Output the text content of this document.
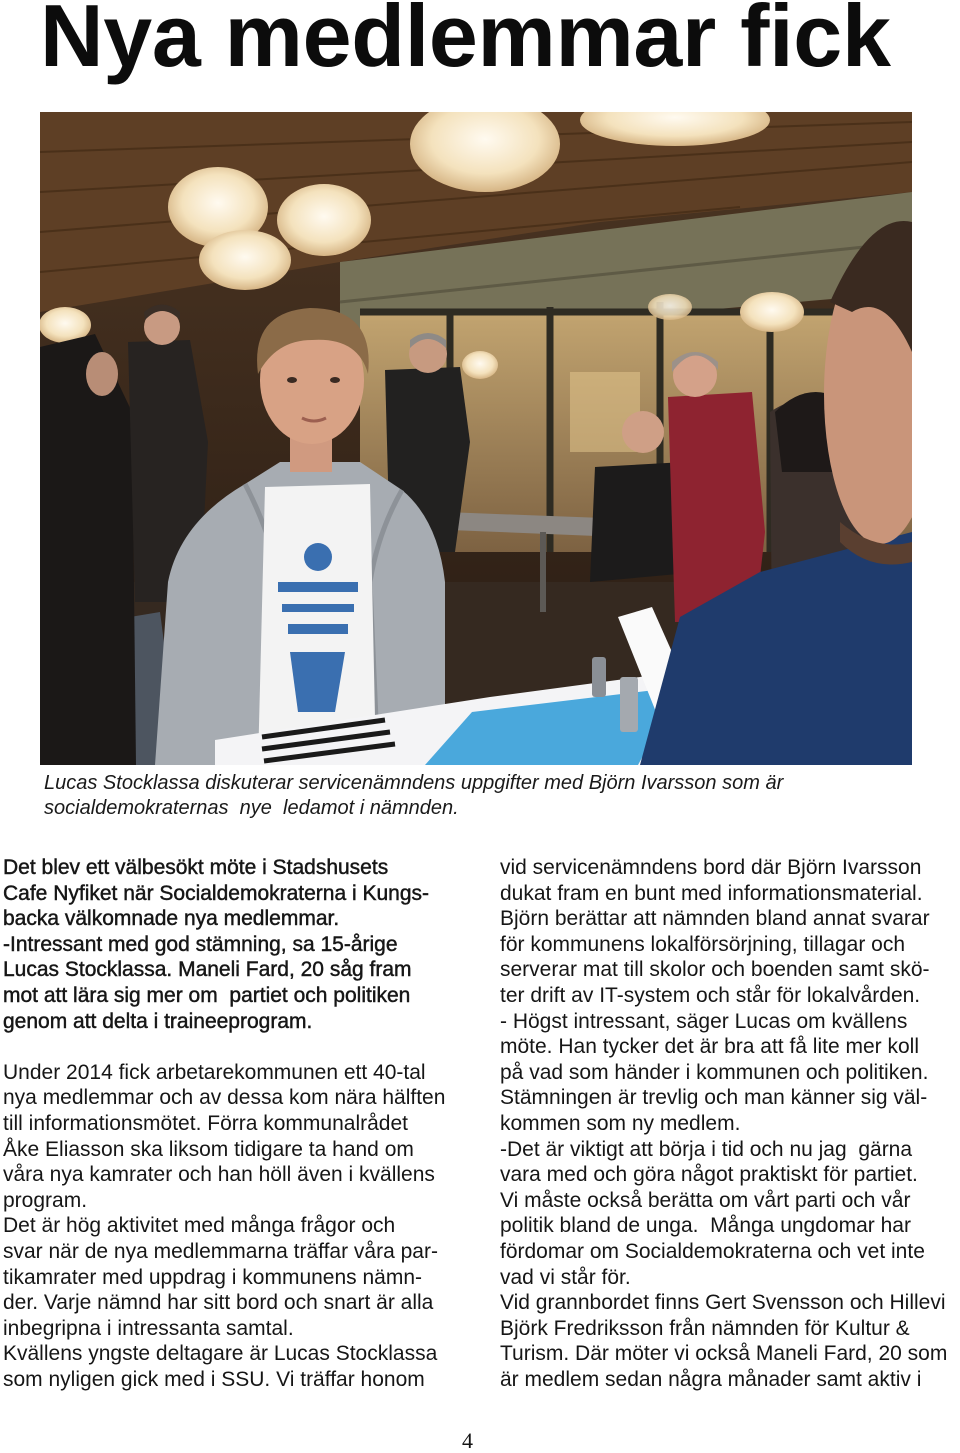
Nya medlemmar fick
Lucas Stocklassa diskuterar servicenämndens uppgifter med Björn Ivarsson som är
socialdemokraternas  nye  ledamot i nämnden.
Det blev ett välbesökt möte i Stadshusets
Cafe Nyfiket när Socialdemokraterna i Kungs-
backa välkomnade nya medlemmar.
-Intressant med god stämning, sa 15-årige
Lucas Stocklassa. Maneli Fard, 20 såg fram
mot att lära sig mer om  partiet och politiken
genom att delta i traineeprogram.
Under 2014 fick arbetarekommunen ett 40-tal
nya medlemmar och av dessa kom nära hälften
till informationsmötet. Förra kommunalrådet
Åke Eliasson ska liksom tidigare ta hand om
våra nya kamrater och han höll även i kvällens
program.
Det är hög aktivitet med många frågor och
svar när de nya medlemmarna träffar våra par-
tikamrater med uppdrag i kommunens nämn-
der. Varje nämnd har sitt bord och snart är alla
inbegripna i intressanta samtal.
Kvällens yngste deltagare är Lucas Stocklassa
som nyligen gick med i SSU. Vi träffar honom
vid servicenämndens bord där Björn Ivarsson
dukat fram en bunt med informationsmaterial.
Björn berättar att nämnden bland annat svarar
för kommunens lokalförsörjning, tillagar och
serverar mat till skolor och boenden samt skö-
ter drift av IT-system och står för lokalvården.
- Högst intressant, säger Lucas om kvällens
möte. Han tycker det är bra att få lite mer koll
på vad som händer i kommunen och politiken.
Stämningen är trevlig och man känner sig väl-
kommen som ny medlem.
-Det är viktigt att börja i tid och nu jag  gärna
vara med och göra något praktiskt för partiet.
Vi måste också berätta om vårt parti och vår
politik bland de unga.  Många ungdomar har
fördomar om Socialdemokraterna och vet inte
vad vi står för.
Vid grannbordet finns Gert Svensson och Hillevi
Björk Fredriksson från nämnden för Kultur &
Turism. Där möter vi också Maneli Fard, 20 som
är medlem sedan några månader samt aktiv i
4
